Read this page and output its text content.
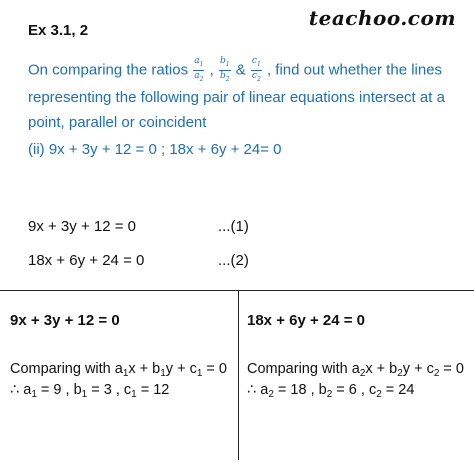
Ex 3.1, 2
teachoo.com
On comparing the ratios $\frac{a_1}{a_2}$ , $\frac{b_1}{b_2}$ & $\frac{c_1}{c_2}$ , find out whether the lines
representing the following pair of linear equations intersect at a
point, parallel or coincident
(ii) 9x + 3y + 12 = 0 ; 18x + 6y + 24= 0
9x + 3y + 12 = 0	...(1)
18x + 6y + 24 = 0	...(2)
9x + 3y + 12 = 0
Comparing with $a_1x + b_1y + c_1 = 0$
∴ $a_1 = 9$ , $b_1 = 3$ , $c_1 = 12$
18x + 6y + 24 = 0
Comparing with $a_2x + b_2y + c_2 = 0$
∴ $a_2 = 18$ , $b_2 = 6$ , $c_2 = 24$
